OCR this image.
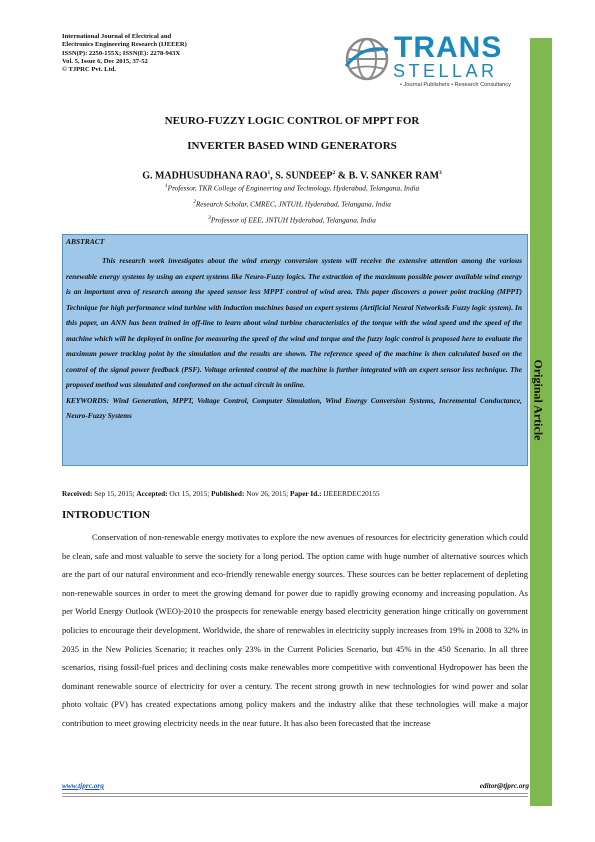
International Journal of Electrical and
Electronics Engineering Research (IJEEER)
ISSN(P): 2250-155X; ISSN(E): 2278-943X
Vol. 5, Issue 6, Dec 2015, 37-52
© TJPRC Pvt. Ltd.
TRANS
STELLAR
• Journal Publishers • Research Consultancy
Original Article
NEURO-FUZZY LOGIC CONTROL OF MPPT FOR
INVERTER BASED WIND GENERATORS
G. MADHUSUDHANA RAO$^1$, S. SUNDEEP$^2$ & B. V. SANKER RAM$^3$
$^1$Professor, TKR College of Engineering and Technology, Hyderabad, Telangana, India
$^2$Research Scholar, CMREC, JNTUH, Hyderabad, Telangana, India
$^3$Professor of EEE, JNTUH Hyderabad, Telangana, India
ABSTRACT

This research work investigates about the wind energy conversion system will receive the extensive attention among the various renewable energy systems by using an expert systems like Neuro-Fuzzy logics. The extraction of the maximum possible power available wind energy is an important area of research among the speed sensor less MPPT control of wind area. This paper discovers a power point tracking (MPPT) Technique for high performance wind turbine with induction machines based on expert systems (Artificial Neural Networks& Fuzzy logic system). In this paper, an ANN has been trained in off-line to learn about wind turbine characteristics of the torque with the wind speed and the speed of the machine which will be deployed in online for measuring the speed of the wind and torque and the fuzzy logic control is proposed here to evaluate the maximum power tracking point by the simulation and the results are shown. The reference speed of the machine is then calculated based on the control of the signal power feedback (PSF). Voltage oriented control of the machine is further integrated with an expert sensor less technique. The proposed method was simulated and conformed on the actual circuit in online.

KEYWORDS: Wind Generation, MPPT, Voltage Control, Computer Simulation, Wind Energy Conversion Systems, Incremental Conductance, Neuro-Fuzzy Systems

Received: Sep 15, 2015; Accepted: Oct 15, 2015; Published: Nov 26, 2015; Paper Id.: IJEEERDEC20155
INTRODUCTION

Conservation of non-renewable energy motivates to explore the new avenues of resources for electricity generation which could be clean, safe and most valuable to serve the society for a long period. The option came with huge number of alternative sources which are the part of our natural environment and eco-friendly renewable energy sources. These sources can be better replacement of depleting non-renewable sources in order to meet the growing demand for power due to rapidly growing economy and increasing population. As per World Energy Outlook (WEO)-2010 the prospects for renewable energy based electricity generation hinge critically on government policies to encourage their development. Worldwide, the share of renewables in electricity supply increases from 19% in 2008 to 32% in 2035 in the New Policies Scenario; it reaches only 23% in the Current Policies Scenario, but 45% in the 450 Scenario. In all three scenarios, rising fossil-fuel prices and declining costs make renewables more competitive with conventional Hydropower has been the dominant renewable source of electricity for over a century. The recent strong growth in new technologies for wind power and solar photo voltaic (PV) has created expectations among policy makers and the industry alike that these technologies will make a major contribution to meet growing electricity needs in the near future. It has also been forecasted that the increase

www.tjprc.org	editor@tjprc.org
